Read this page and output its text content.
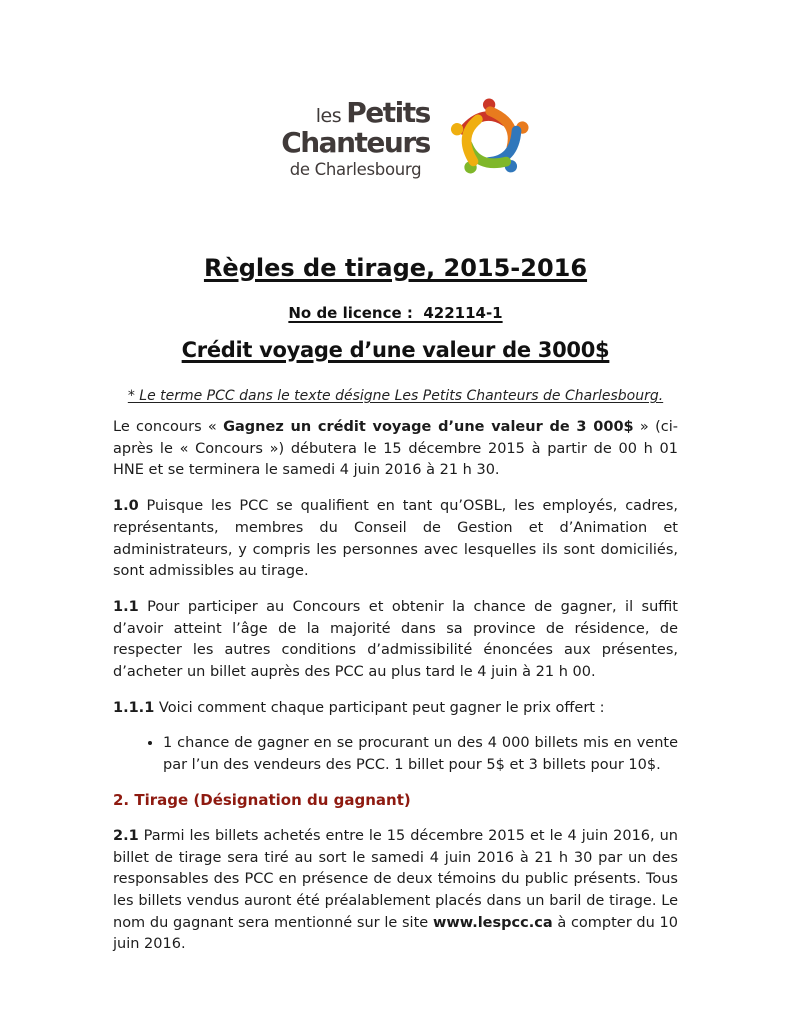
les Petits
Chanteurs
de Charlesbourg
Règles de tirage, 2015-2016
No de licence :  422114-1
Crédit voyage d’une valeur de 3000$
* Le terme PCC dans le texte désigne Les Petits Chanteurs de Charlesbourg.

Le concours « Gagnez un crédit voyage d’une valeur de 3 000$ » (ci-après le « Concours ») débutera le 15 décembre 2015 à partir de 00 h 01 HNE et se terminera le samedi 4 juin 2016 à 21 h 30.

1.0 Puisque les PCC se qualifient en tant qu’OSBL, les employés, cadres, représentants, membres du Conseil de Gestion et d’Animation et administrateurs, y compris les personnes avec lesquelles ils sont domiciliés, sont admissibles au tirage.

1.1 Pour participer au Concours et obtenir la chance de gagner, il suffit d’avoir atteint l’âge de la majorité dans sa province de résidence, de respecter les autres conditions d’admissibilité énoncées aux présentes, d’acheter un billet auprès des PCC au plus tard le 4 juin à 21 h 00.

1.1.1 Voici comment chaque participant peut gagner le prix offert :

• 1 chance de gagner en se procurant un des 4 000 billets mis en vente par l’un des vendeurs des PCC. 1 billet pour 5$ et 3 billets pour 10$.
2. Tirage (Désignation du gagnant)

2.1 Parmi les billets achetés entre le 15 décembre 2015 et le 4 juin 2016, un billet de tirage sera tiré au sort le samedi 4 juin 2016 à 21 h 30 par un des responsables des PCC en présence de deux témoins du public présents. Tous les billets vendus auront été préalablement placés dans un baril de tirage. Le nom du gagnant sera mentionné sur le site www.lespcc.ca à compter du 10 juin 2016.
